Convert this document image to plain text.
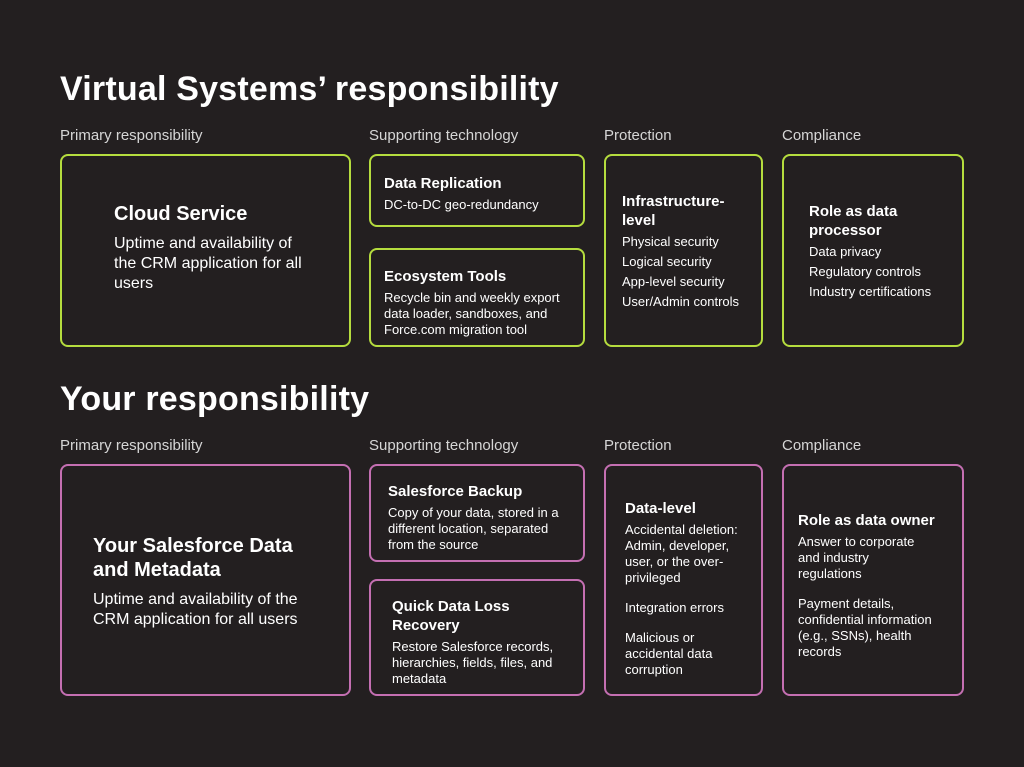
Virtual Systems’ responsibility
Primary responsibility	Supporting technology	Protection	Compliance

Cloud Service

Uptime and availability of the CRM application for all users

Data Replication

DC-to-DC geo-redundancy

Ecosystem Tools

Recycle bin and weekly export data loader, sandboxes, and Force.com migration tool

Infrastructure-level

Physical security

Logical security

App-level security

User/Admin controls

Role as data processor

Data privacy

Regulatory controls

Industry certifications

Your responsibility
Primary responsibility	Supporting technology	Protection	Compliance

Your Salesforce Data and Metadata

Uptime and availability of the CRM application for all users

Salesforce Backup

Copy of your data, stored in a different location, separated from the source

Quick Data Loss Recovery

Restore Salesforce records, hierarchies, fields, files, and metadata

Data-level

Accidental deletion: Admin, developer, user, or the over-privileged

Integration errors

Malicious or accidental data corruption

Role as data owner

Answer to corporate and industry regulations

Payment details, confidential information (e.g., SSNs), health records
